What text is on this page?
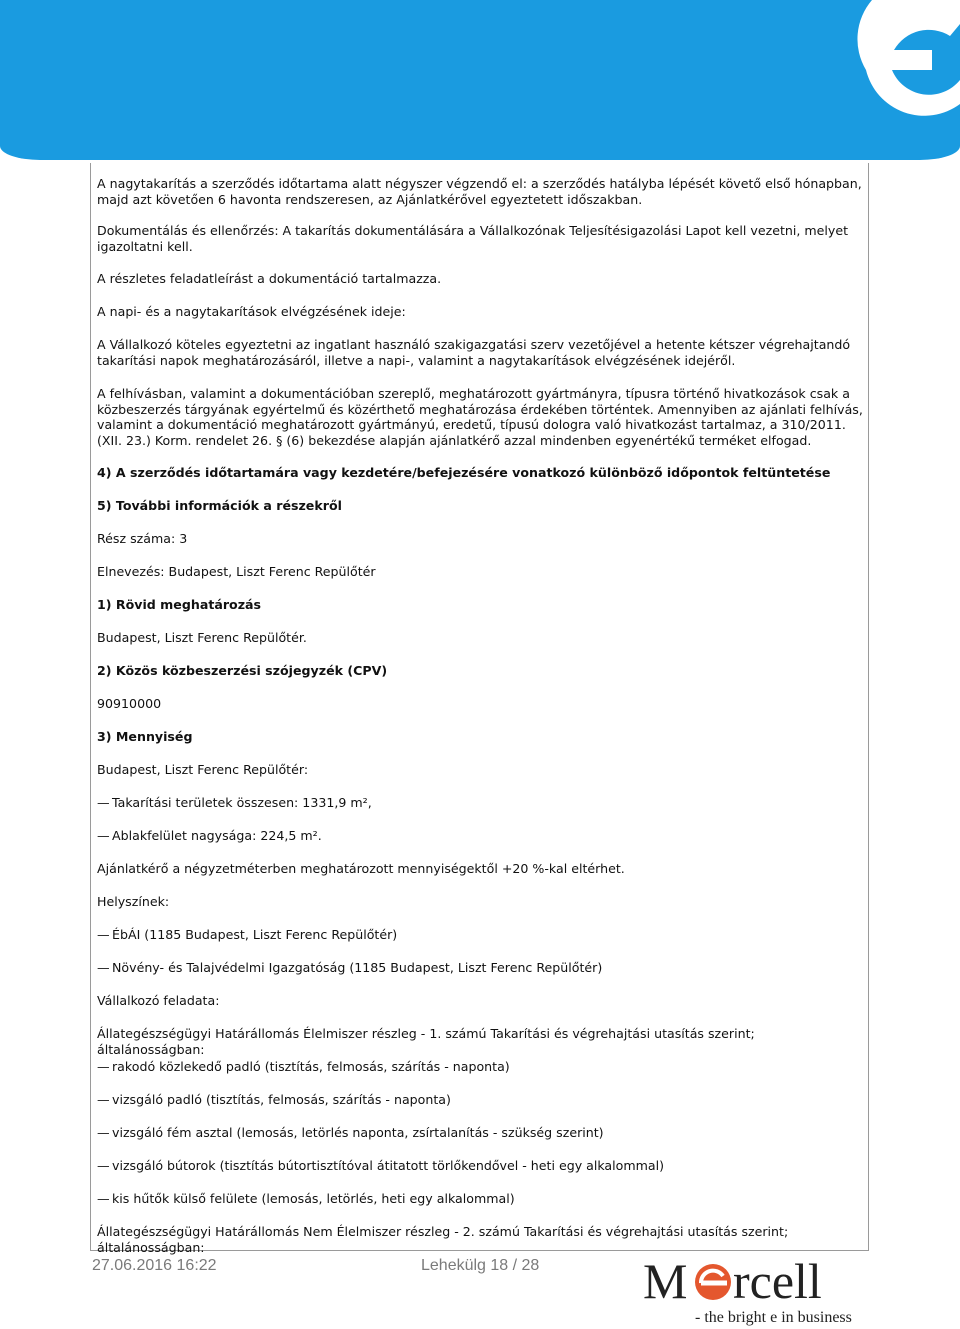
A nagytakarítás a szerződés időtartama alatt négyszer végzendő el: a szerződés hatályba lépését követő első hónapban, majd azt követően 6 havonta rendszeresen, az Ajánlatkérővel egyeztetett időszakban.
Dokumentálás és ellenőrzés: A takarítás dokumentálására a Vállalkozónak Teljesítésigazolási Lapot kell vezetni, melyet igazoltatni kell.
A részletes feladatleírást a dokumentáció tartalmazza.
A napi- és a nagytakarítások elvégzésének ideje:
A Vállalkozó köteles egyeztetni az ingatlant használó szakigazgatási szerv vezetőjével a hetente kétszer végrehajtandó takarítási napok meghatározásáról, illetve a napi-, valamint a nagytakarítások elvégzésének idejéről.
A felhívásban, valamint a dokumentációban szereplő, meghatározott gyártmányra, típusra történő hivatkozások csak a közbeszerzés tárgyának egyértelmű és közérthető meghatározása érdekében történtek. Amennyiben az ajánlati felhívás, valamint a dokumentáció meghatározott gyártmányú, eredetű, típusú dologra való hivatkozást tartalmaz, a 310/2011. (XII. 23.) Korm. rendelet 26. § (6) bekezdése alapján ajánlatkérő azzal mindenben egyenértékű terméket elfogad.
4) A szerződés időtartamára vagy kezdetére/befejezésére vonatkozó különböző időpontok feltüntetése
5) További információk a részekről
Rész száma: 3
Elnevezés: Budapest, Liszt Ferenc Repülőtér
1) Rövid meghatározás
Budapest, Liszt Ferenc Repülőtér.
2) Közös közbeszerzési szójegyzék (CPV)
90910000
3) Mennyiség
Budapest, Liszt Ferenc Repülőtér:
— Takarítási területek összesen: 1331,9 m²,
— Ablakfelület nagysága: 224,5 m².
Ajánlatkérő a négyzetméterben meghatározott mennyiségektől +20 %-kal eltérhet.
Helyszínek:
— ÉbÁI (1185 Budapest, Liszt Ferenc Repülőtér)
— Növény- és Talajvédelmi Igazgatóság (1185 Budapest, Liszt Ferenc Repülőtér)
Vállalkozó feladata:
Állategészségügyi Határállomás Élelmiszer részleg - 1. számú Takarítási és végrehajtási utasítás szerint; általánosságban:
— rakodó közlekedő padló (tisztítás, felmosás, szárítás - naponta)
— vizsgáló padló (tisztítás, felmosás, szárítás - naponta)
— vizsgáló fém asztal (lemosás, letörlés naponta, zsírtalanítás - szükség szerint)
— vizsgáló bútorok (tisztítás bútortisztítóval átitatott törlőkendővel - heti egy alkalommal)
— kis hűtők külső felülete (lemosás, letörlés, heti egy alkalommal)
Állategészségügyi Határállomás Nem Élelmiszer részleg - 2. számú Takarítási és végrehajtási utasítás szerint; általánosságban:
27.06.2016 16:22	Lehekülg 18 / 28 M rcell
- the bright e in business
